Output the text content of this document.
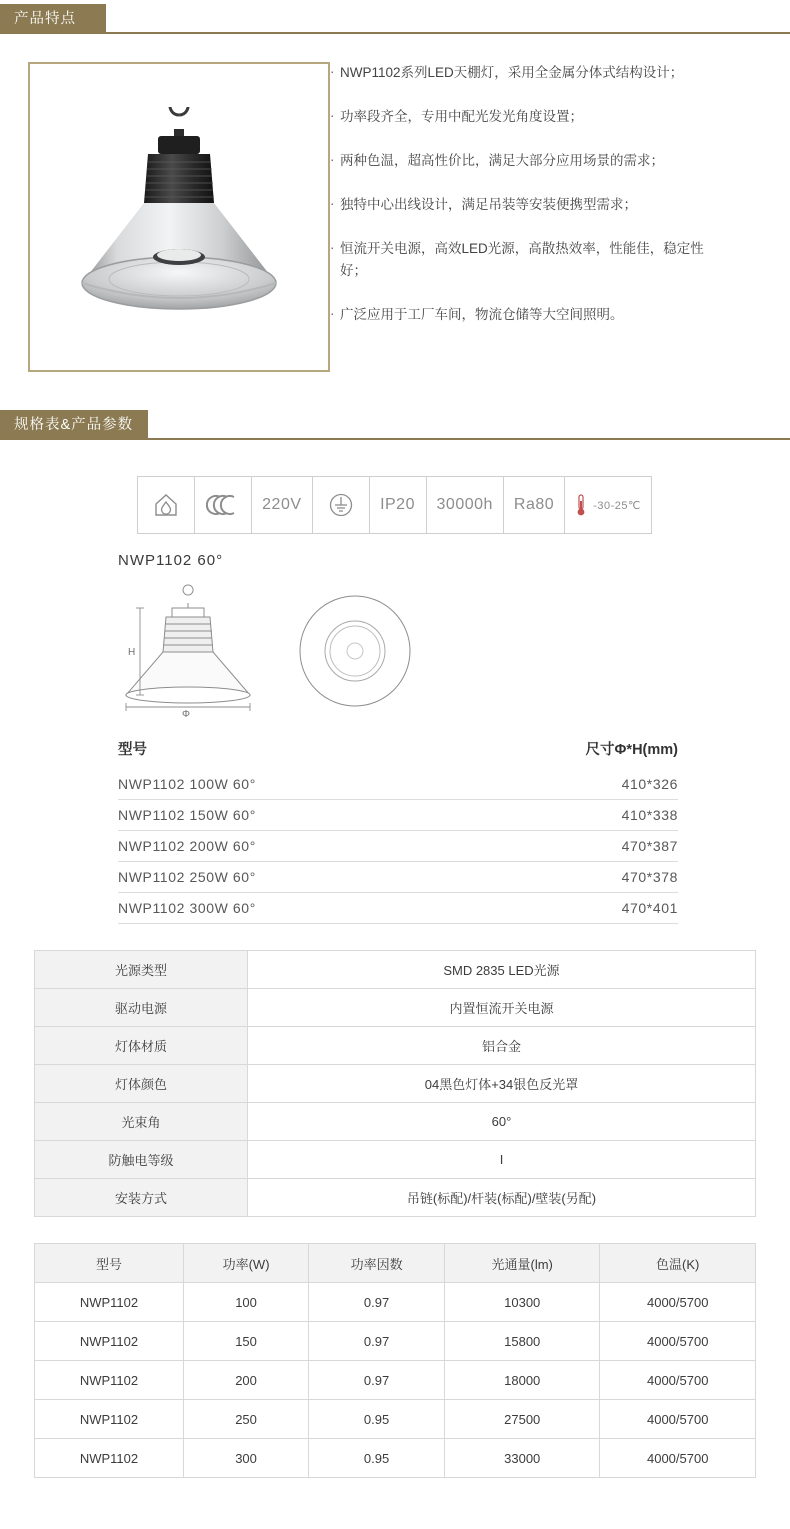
产品特点
· NWP1102系列LED天棚灯，采用全金属分体式结构设计；
· 功率段齐全，专用中配光发光角度设置；
· 两种色温，超高性价比，满足大部分应用场景的需求；
· 独特中心出线设计，满足吊装等安装便携型需求；
· 恒流开关电源，高效LED光源，高散热效率，性能佳，稳定性好；
· 广泛应用于工厂车间，物流仓储等大空间照明。
规格表&产品参数
220V	IP20	30000h	Ra80	-30-25℃
NWP1102 60°
H
Φ
型号	尺寸Φ*H(mm)
NWP1102 100W 60°	410*326
NWP1102 150W 60°	410*338
NWP1102 200W 60°	470*387
NWP1102 250W 60°	470*378
NWP1102 300W 60°	470*401
光源类型	SMD 2835 LED光源
驱动电源	内置恒流开关电源
灯体材质	铝合金
灯体颜色	04黑色灯体+34银色反光罩
光束角	60°
防触电等级	I
安装方式	吊链(标配)/杆装(标配)/壁装(另配)
型号	功率(W)	功率因数	光通量(lm)	色温(K)
NWP1102	100	0.97	10300	4000/5700
NWP1102	150	0.97	15800	4000/5700
NWP1102	200	0.97	18000	4000/5700
NWP1102	250	0.95	27500	4000/5700
NWP1102	300	0.95	33000	4000/5700
